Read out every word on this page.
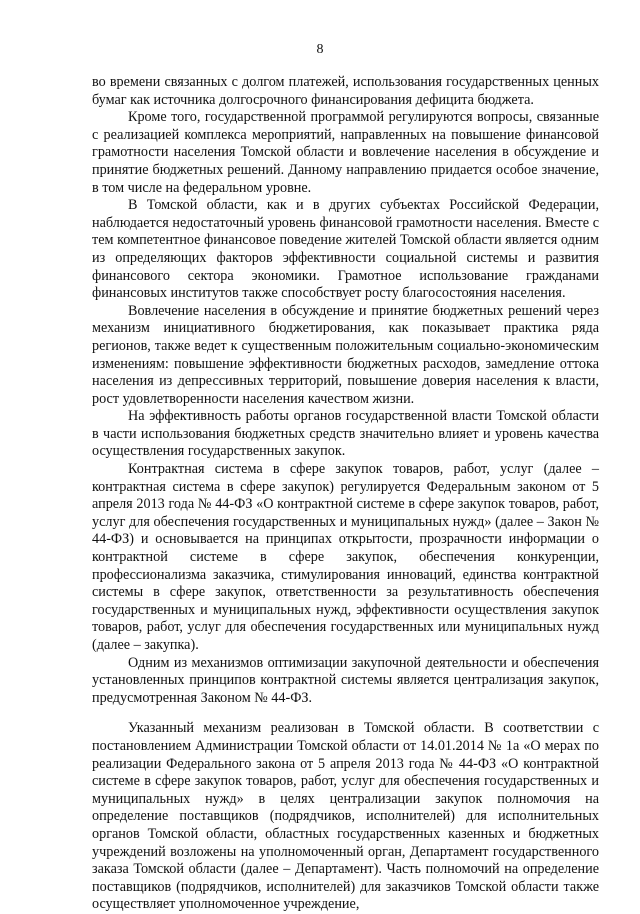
8

во времени связанных с долгом платежей, использования государственных ценных бумаг как источника долгосрочного финансирования дефицита бюджета.

Кроме того, государственной программой регулируются вопросы, связанные с реализацией комплекса мероприятий, направленных на повышение финансовой грамотности населения Томской области и вовлечение населения в обсуждение и принятие бюджетных решений. Данному направлению придается особое значение, в том числе на федеральном уровне.

В Томской области, как и в других субъектах Российской Федерации, наблюдается недостаточный уровень финансовой грамотности населения. Вместе с тем компетентное финансовое поведение жителей Томской области является одним из определяющих факторов эффективности социальной системы и развития финансового сектора экономики. Грамотное использование гражданами финансовых институтов также способствует росту благосостояния населения.

Вовлечение населения в обсуждение и принятие бюджетных решений через механизм инициативного бюджетирования, как показывает практика ряда регионов, также ведет к существенным положительным социально-экономическим изменениям: повышение эффективности бюджетных расходов, замедление оттока населения из депрессивных территорий, повышение доверия населения к власти, рост удовлетворенности населения качеством жизни.

На эффективность работы органов государственной власти Томской области в части использования бюджетных средств значительно влияет и уровень качества осуществления государственных закупок.

Контрактная система в сфере закупок товаров, работ, услуг (далее – контрактная система в сфере закупок) регулируется Федеральным законом от 5 апреля 2013 года № 44-ФЗ «О контрактной системе в сфере закупок товаров, работ, услуг для обеспечения государственных и муниципальных нужд» (далее – Закон № 44-ФЗ) и основывается на принципах открытости, прозрачности информации о контрактной системе в сфере закупок, обеспечения конкуренции, профессионализма заказчика, стимулирования инноваций, единства контрактной системы в сфере закупок, ответственности за результативность обеспечения государственных и муниципальных нужд, эффективности осуществления закупок товаров, работ, услуг для обеспечения государственных или муниципальных нужд (далее – закупка).

Одним из механизмов оптимизации закупочной деятельности и обеспечения установленных принципов контрактной системы является централизация закупок, предусмотренная Законом № 44-ФЗ.

Указанный механизм реализован в Томской области. В соответствии с постановлением Администрации Томской области от 14.01.2014 № 1а «О мерах по реализации Федерального закона от 5 апреля 2013 года № 44-ФЗ «О контрактной системе в сфере закупок товаров, работ, услуг для обеспечения государственных и муниципальных нужд» в целях централизации закупок полномочия на определение поставщиков (подрядчиков, исполнителей) для исполнительных органов Томской области, областных государственных казенных и бюджетных учреждений возложены на уполномоченный орган, Департамент государственного заказа Томской области (далее – Департамент). Часть полномочий на определение поставщиков (подрядчиков, исполнителей) для заказчиков Томской области также осуществляет уполномоченное учреждение,
